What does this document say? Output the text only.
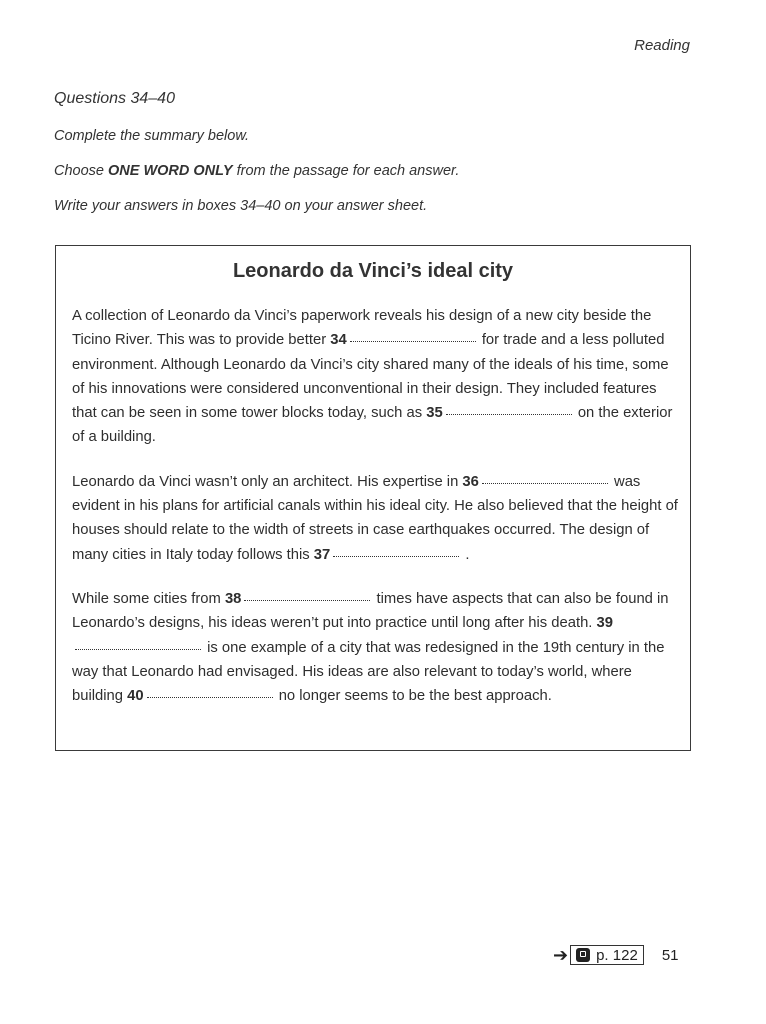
Reading

Questions 34–40

Complete the summary below.

Choose ONE WORD ONLY from the passage for each answer.

Write your answers in boxes 34–40 on your answer sheet.

Leonardo da Vinci’s ideal city

A collection of Leonardo da Vinci’s paperwork reveals his design of a new city beside the Ticino River. This was to provide better 34	for trade and a less polluted environment. Although Leonardo da Vinci’s city shared many of the ideals of his time, some of his innovations were considered unconventional in their design. They included features that can be seen in some tower blocks today, such as 35	on the exterior of a building.

Leonardo da Vinci wasn’t only an architect. His expertise in 36	was evident in his plans for artificial canals within his ideal city. He also believed that the height of houses should relate to the width of streets in case earthquakes occurred. The design of many cities in Italy today follows this 37	.

While some cities from 38	times have aspects that can also be found in Leonardo’s designs, his ideas weren’t put into practice until long after his death. 39 is one example of a city that was redesigned in the 19th century in the way that Leonardo had envisaged. His ideas are also relevant to today’s world, where building 40	no longer seems to be the best approach.

➔ p. 122 51
